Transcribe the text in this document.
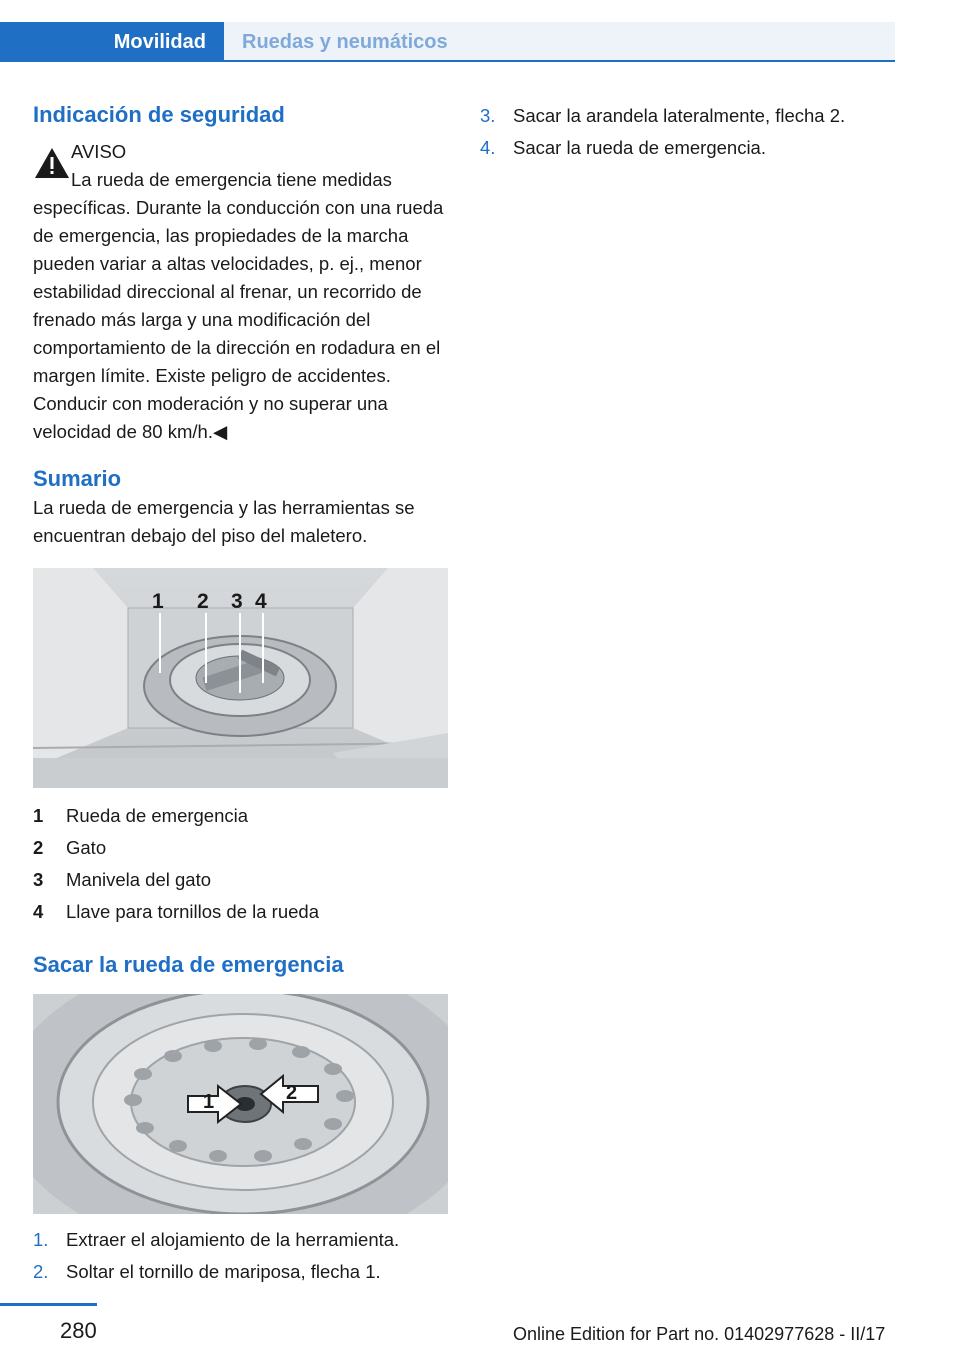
Movilidad	Ruedas y neumáticos
Indicación de seguridad

AVISO

La rueda de emergencia tiene medidas

específicas. Durante la conducción con una rueda de emergencia, las propiedades de la marcha pueden variar a altas velocidades, p. ej., menor estabilidad direccional al frenar, un recorrido de frenado más larga y una modificación del comportamiento de la dirección en rodadura en el margen límite. Existe peligro de accidentes. Conducir con moderación y no superar una velocidad de 80 km/h.◀

Sumario

La rueda de emergencia y las herramientas se encuentran debajo del piso del maletero.

1 2 3 4
1	Rueda de emergencia
2	Gato
3	Manivela del gato
4	Llave para tornillos de la rueda
Sacar la rueda de emergencia
1	2
1. Extraer el alojamiento de la herramienta.
2. Soltar el tornillo de mariposa, flecha 1.
3. Sacar la arandela lateralmente, flecha 2.
4. Sacar la rueda de emergencia.
280	Online Edition for Part no. 01402977628 - II/17
